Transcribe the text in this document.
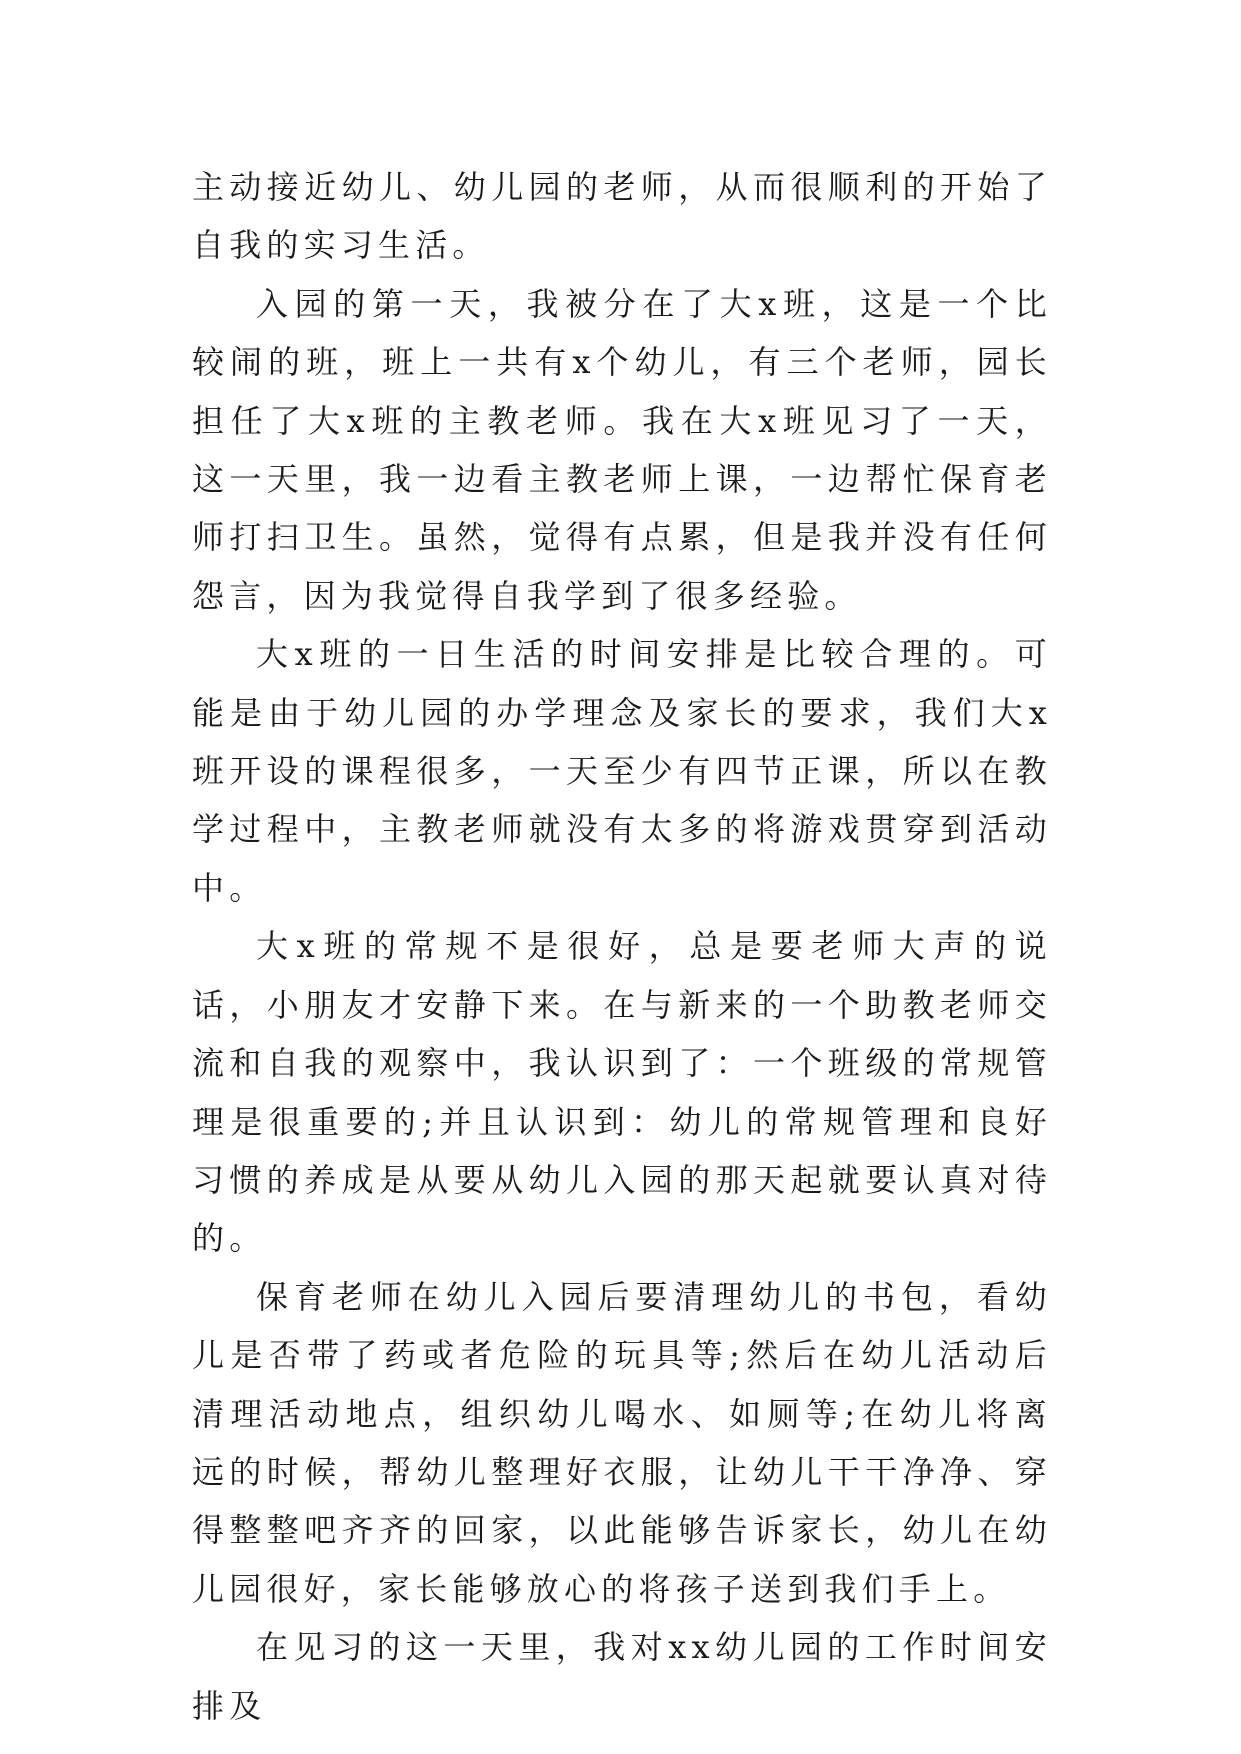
主动接近幼儿、幼儿园的老师，从而很顺利的开始了自我的实习生活。

入园的第一天，我被分在了大x班，这是一个比较闹的班，班上一共有x个幼儿，有三个老师，园长担任了大x班的主教老师。我在大x班见习了一天，这一天里，我一边看主教老师上课，一边帮忙保育老师打扫卫生。虽然，觉得有点累，但是我并没有任何怨言，因为我觉得自我学到了很多经验。

大x班的一日生活的时间安排是比较合理的。可能是由于幼儿园的办学理念及家长的要求，我们大x班开设的课程很多，一天至少有四节正课，所以在教学过程中，主教老师就没有太多的将游戏贯穿到活动中。

大x班的常规不是很好，总是要老师大声的说话，小朋友才安静下来。在与新来的一个助教老师交流和自我的观察中，我认识到了：一个班级的常规管理是很重要的;并且认识到：幼儿的常规管理和良好习惯的养成是从要从幼儿入园的那天起就要认真对待的。

保育老师在幼儿入园后要清理幼儿的书包，看幼儿是否带了药或者危险的玩具等;然后在幼儿活动后清理活动地点，组织幼儿喝水、如厕等;在幼儿将离远的时候，帮幼儿整理好衣服，让幼儿干干净净、穿得整整吧齐齐的回家，以此能够告诉家长，幼儿在幼儿园很好，家长能够放心的将孩子送到我们手上。

在见习的这一天里，我对xx幼儿园的工作时间安排及
